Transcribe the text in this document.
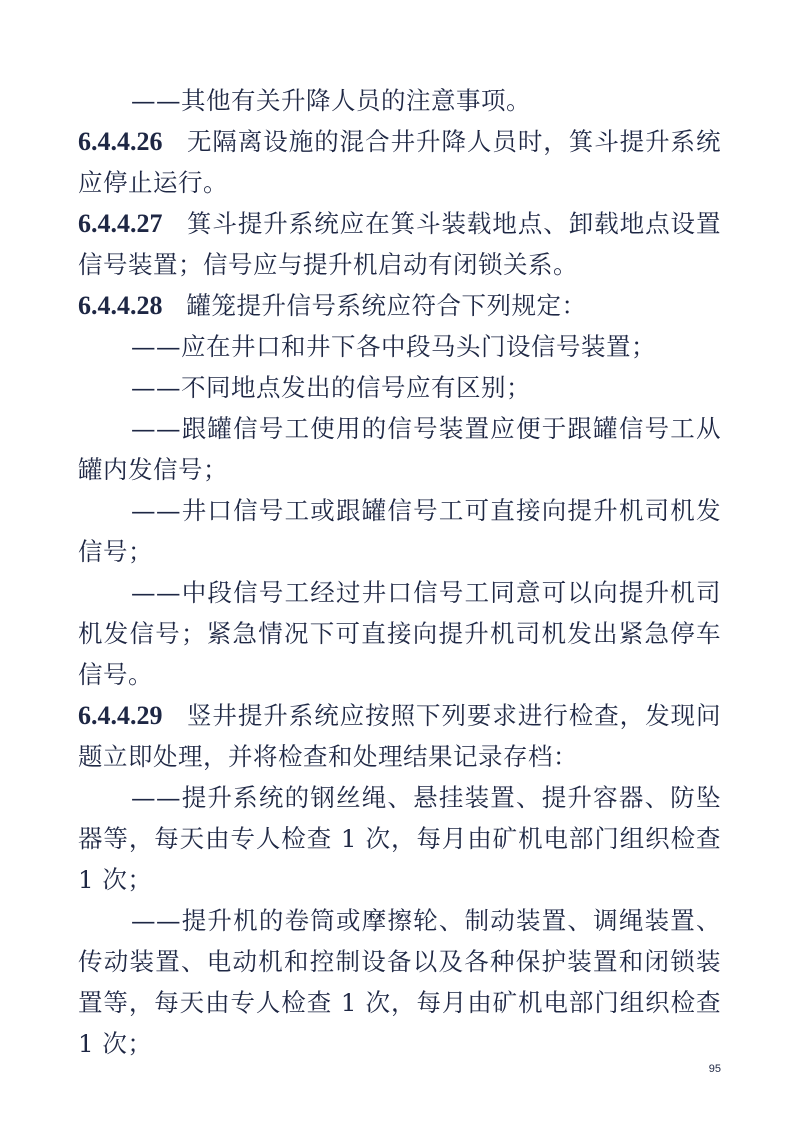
——其他有关升降人员的注意事项。

6.4.4.26 无隔离设施的混合井升降人员时，箕斗提升系统应停止运行。

6.4.4.27 箕斗提升系统应在箕斗装载地点、卸载地点设置信号装置；信号应与提升机启动有闭锁关系。

6.4.4.28 罐笼提升信号系统应符合下列规定：

——应在井口和井下各中段马头门设信号装置；

——不同地点发出的信号应有区别；

——跟罐信号工使用的信号装置应便于跟罐信号工从罐内发信号；

——井口信号工或跟罐信号工可直接向提升机司机发信号；

——中段信号工经过井口信号工同意可以向提升机司机发信号；紧急情况下可直接向提升机司机发出紧急停车信号。

6.4.4.29 竖井提升系统应按照下列要求进行检查，发现问题立即处理，并将检查和处理结果记录存档：

——提升系统的钢丝绳、悬挂装置、提升容器、防坠器等，每天由专人检查 1 次，每月由矿机电部门组织检查 1 次；

——提升机的卷筒或摩擦轮、制动装置、调绳装置、传动装置、电动机和控制设备以及各种保护装置和闭锁装置等，每天由专人检查 1 次，每月由矿机电部门组织检查 1 次；

95
